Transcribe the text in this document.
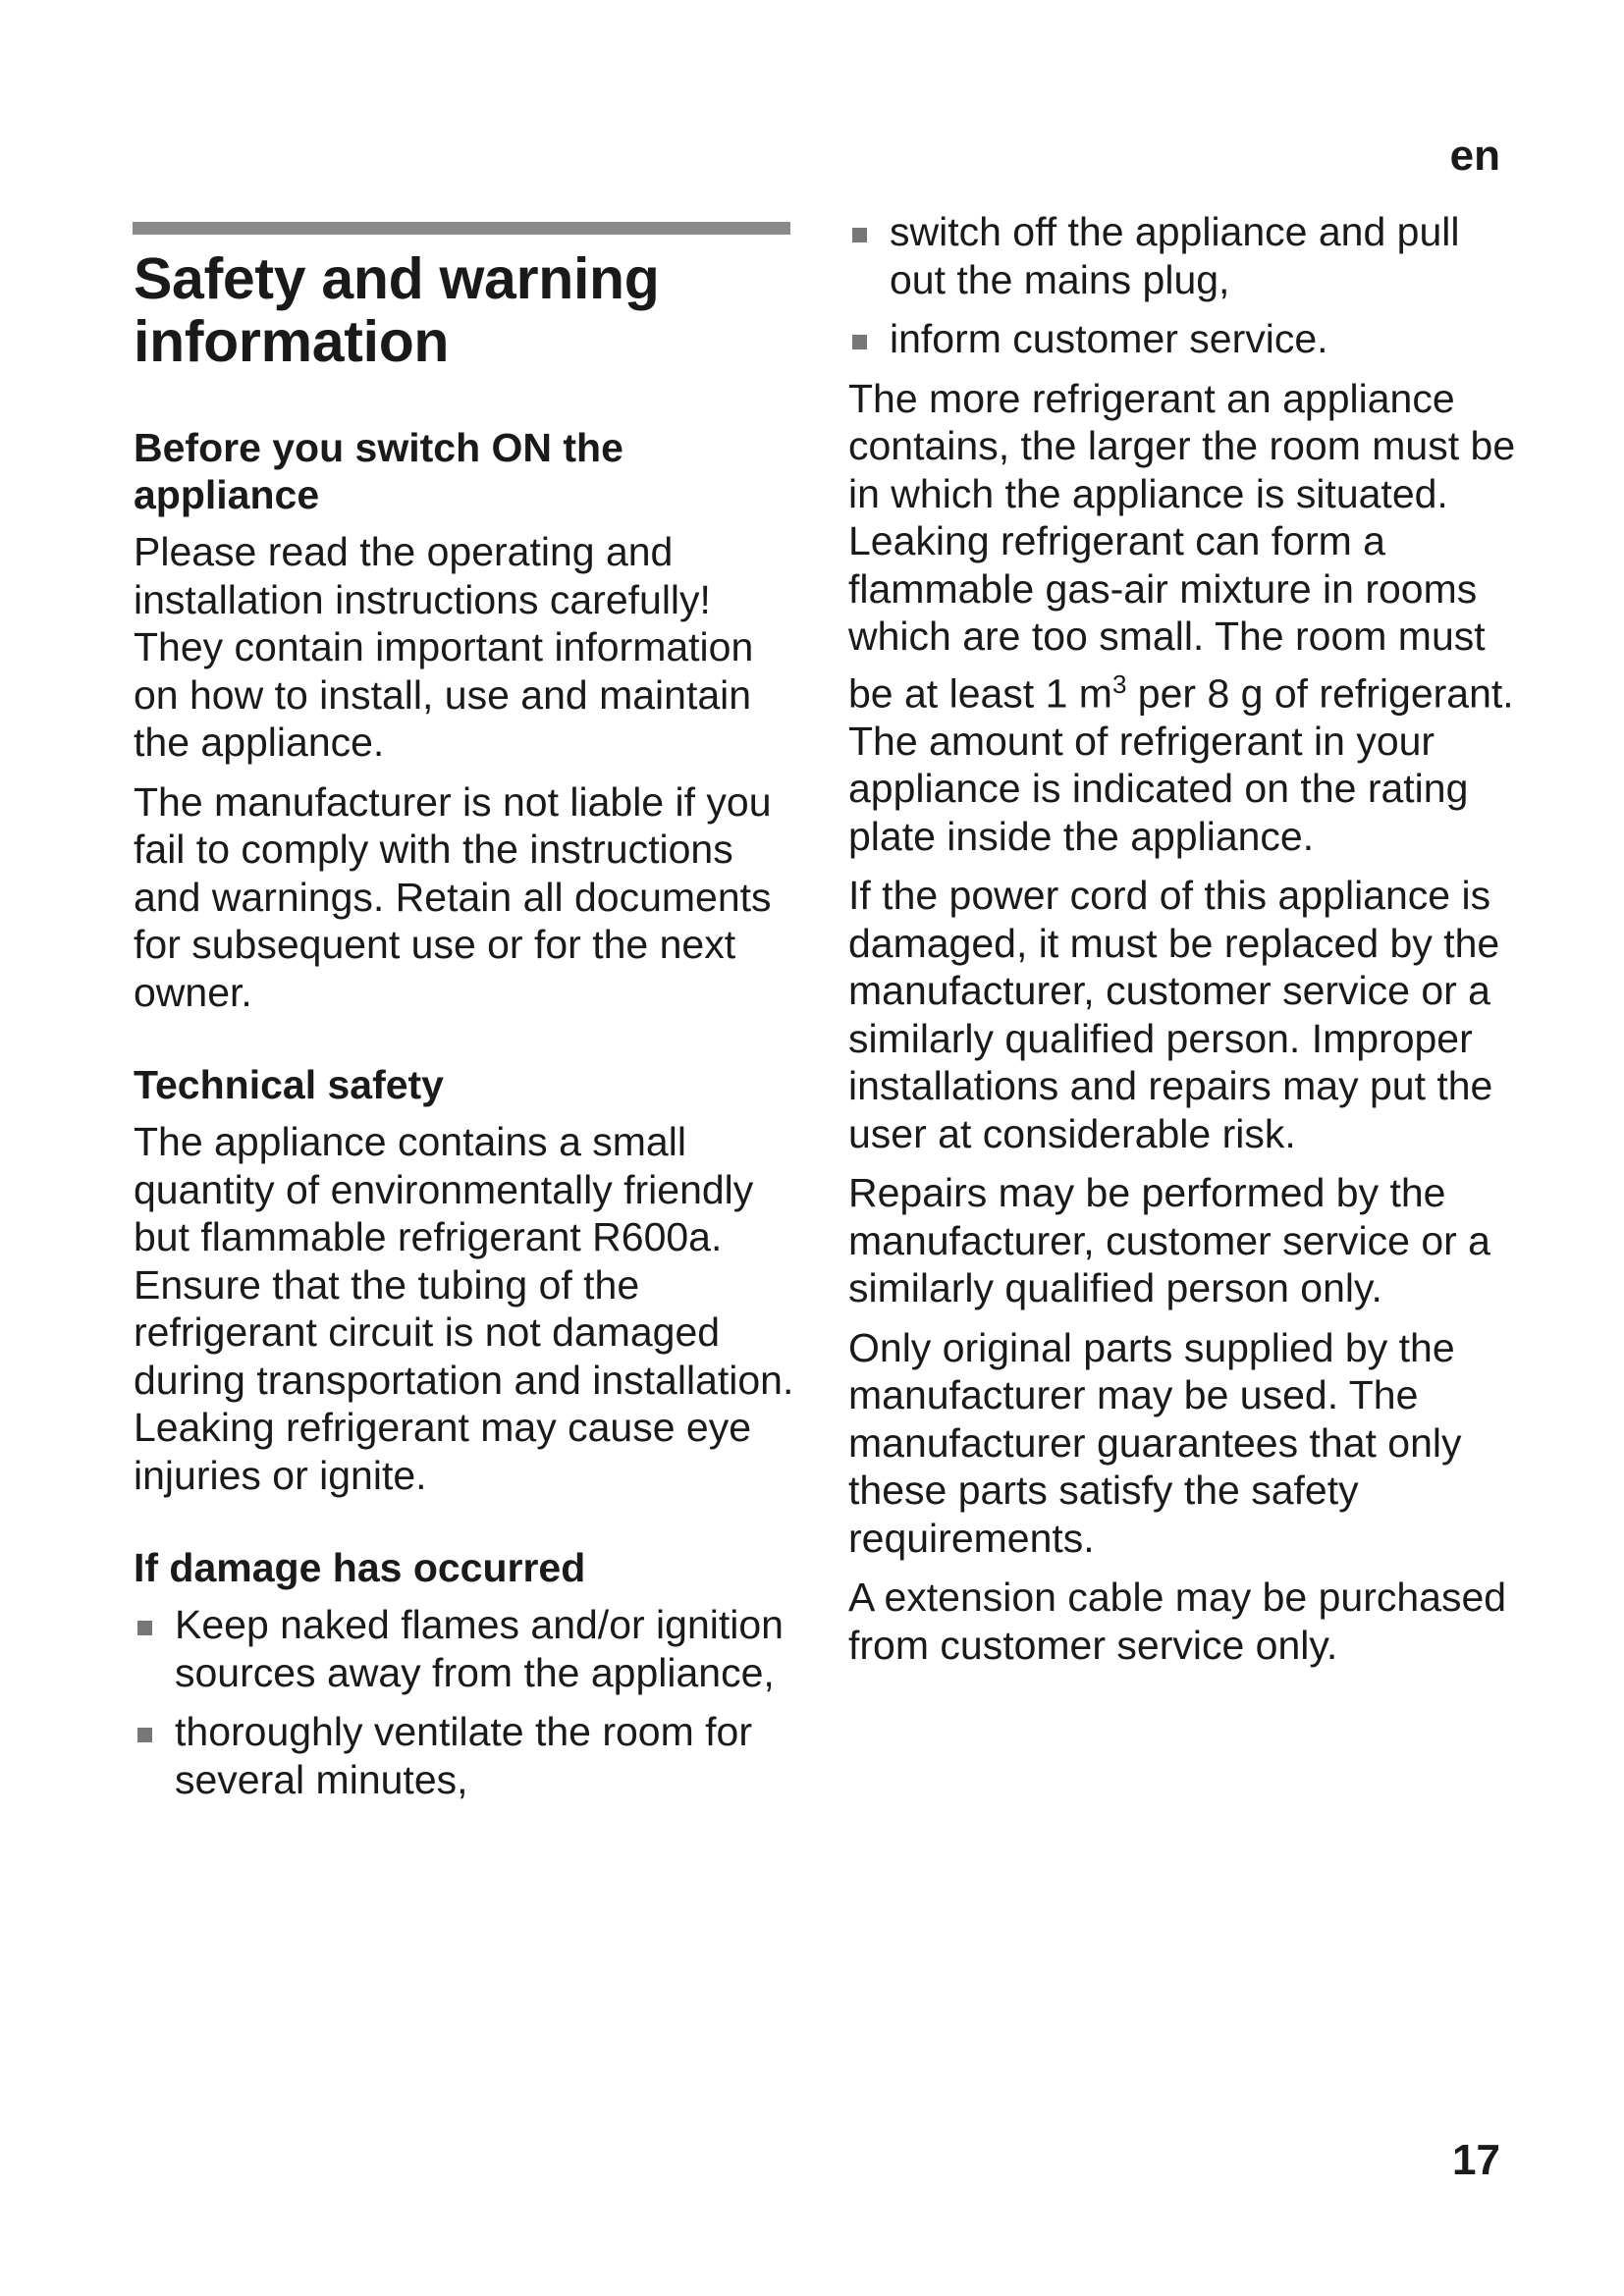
en
Safety and warning information
Before you switch ON the appliance

Please read the operating and installation instructions carefully! They contain important information on how to install, use and maintain the appliance.

The manufacturer is not liable if you fail to comply with the instructions and warnings. Retain all documents for subsequent use or for the next owner.

Technical safety

The appliance contains a small quantity of environmentally friendly but flammable refrigerant R600a. Ensure that the tubing of the refrigerant circuit is not damaged during transportation and installation. Leaking refrigerant may cause eye injuries or ignite.

If damage has occurred
Keep naked flames and/or ignition sources away from the appliance,
thoroughly ventilate the room for several minutes,
switch off the appliance and pull out the mains plug,
inform customer service.

The more refrigerant an appliance contains, the larger the room must be in which the appliance is situated. Leaking refrigerant can form a flammable gas-air mixture in rooms which are too small. The room must be at least 1 $m^3$ per 8 g of refrigerant. The amount of refrigerant in your appliance is indicated on the rating plate inside the appliance.

If the power cord of this appliance is damaged, it must be replaced by the manufacturer, customer service or a similarly qualified person. Improper installations and repairs may put the user at considerable risk.

Repairs may be performed by the manufacturer, customer service or a similarly qualified person only.

Only original parts supplied by the manufacturer may be used. The manufacturer guarantees that only these parts satisfy the safety requirements.

A extension cable may be purchased from customer service only.

17
